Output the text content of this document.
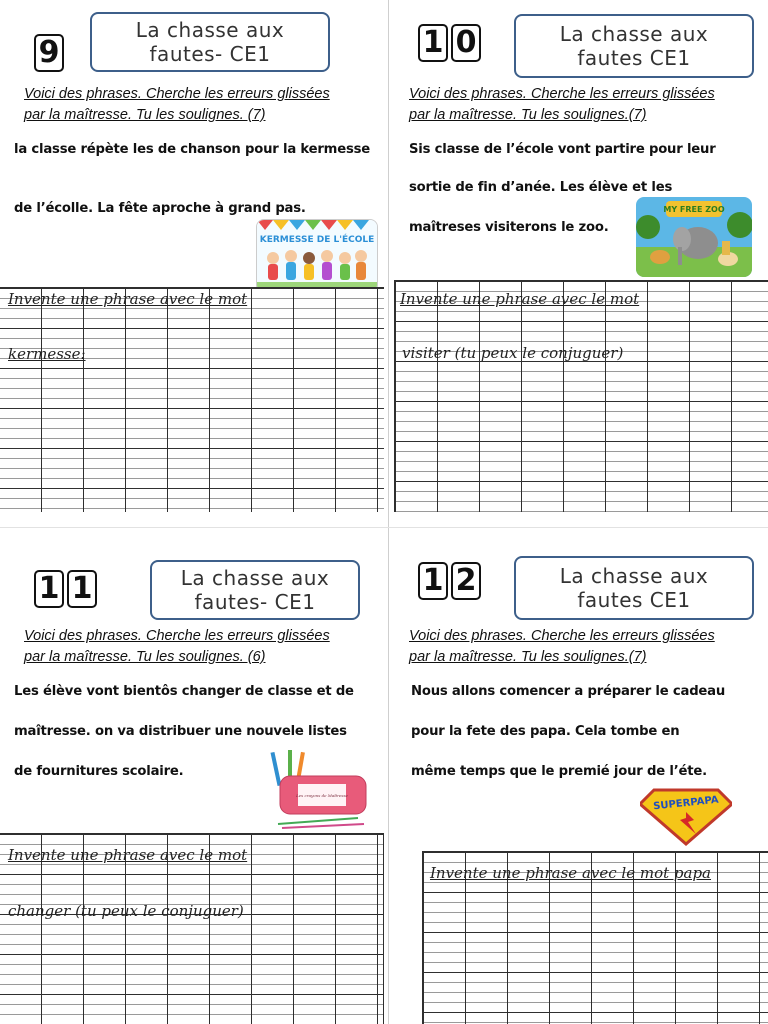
9
La chasse aux
fautes- CE1
Voici des phrases. Cherche les erreurs glissées
par la maîtresse. Tu les soulignes. (7)
la classe répète les de chanson pour la kermesse
de l’écolle. La fête aproche à grand pas.
KERMESSE DE L'ÉCOLE
Invente une phrase avec le mot
kermesse:
1 0	La chasse aux
fautes CE1
Voici des phrases. Cherche les erreurs glissées
par la maîtresse. Tu les soulignes.(7)
Sis classe de l’école vont partire pour leur
sortie de fin d’anée. Les élève et les
maîtreses visiterons le zoo.
MY FREE ZOO
Invente une phrase avec le mot
visiter (tu peux le conjuguer)
1 1	La chasse aux
fautes- CE1
Voici des phrases. Cherche les erreurs glissées
par la maîtresse. Tu les soulignes. (6)
Les élève vont bientôs changer de classe et de
maîtresse. on va distribuer une nouvele listes
de fournitures scolaire.
Les crayons de Maîtresse
Invente une phrase avec le mot
changer (tu peux le conjuguer)
1 2	La chasse aux
fautes CE1
Voici des phrases. Cherche les erreurs glissées
par la maîtresse. Tu les soulignes.(7)
Nous allons comencer a préparer le cadeau
pour la fete des papa. Cela tombe en
même temps que le premié jour de l’éte.
SUPERPAPA
Invente une phrase avec le mot papa
